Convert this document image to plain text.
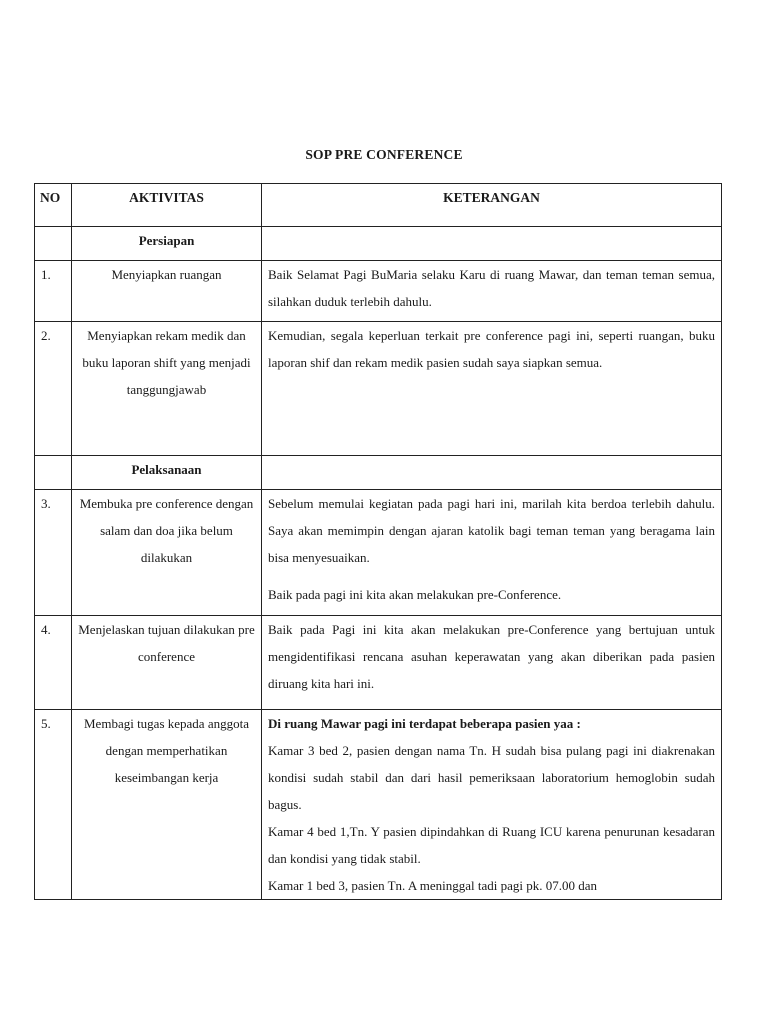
SOP PRE CONFERENCE
NO	AKTIVITAS	KETERANGAN
	Persiapan	
1.	Menyiapkan ruangan	Baik Selamat Pagi BuMaria selaku Karu di ruang Mawar, dan teman teman semua, silahkan duduk terlebih dahulu.

2.	Menyiapkan rekam medik dan buku laporan shift yang menjadi tanggungjawab	Kemudian, segala keperluan terkait pre conference pagi ini, seperti ruangan, buku laporan shif dan rekam medik pasien sudah saya siapkan semua.

	Pelaksanaan	
3.	Membuka pre conference dengan salam dan doa jika belum dilakukan	Sebelum memulai kegiatan pada pagi hari ini, marilah kita berdoa terlebih dahulu. Saya akan memimpin dengan ajaran katolik bagi teman teman yang beragama lain bisa menyesuaikan.

Baik pada pagi ini kita akan melakukan pre-Conference.

4.	Menjelaskan tujuan dilakukan pre conference	Baik pada Pagi ini kita akan melakukan pre-Conference yang bertujuan untuk mengidentifikasi rencana asuhan keperawatan yang akan diberikan pada pasien diruang kita hari ini.

5.	Membagi tugas kepada anggota dengan memperhatikan keseimbangan kerja	Di ruang Mawar pagi ini terdapat beberapa pasien yaa :

Kamar 3 bed 2, pasien dengan nama Tn. H sudah bisa pulang pagi ini diakrenakan kondisi sudah stabil dan dari hasil pemeriksaan laboratorium hemoglobin sudah bagus.

Kamar 4 bed 1,Tn. Y pasien dipindahkan di Ruang ICU karena penurunan kesadaran dan kondisi yang tidak stabil.

Kamar 1 bed 3, pasien Tn. A meninggal tadi pagi pk. 07.00 dan
